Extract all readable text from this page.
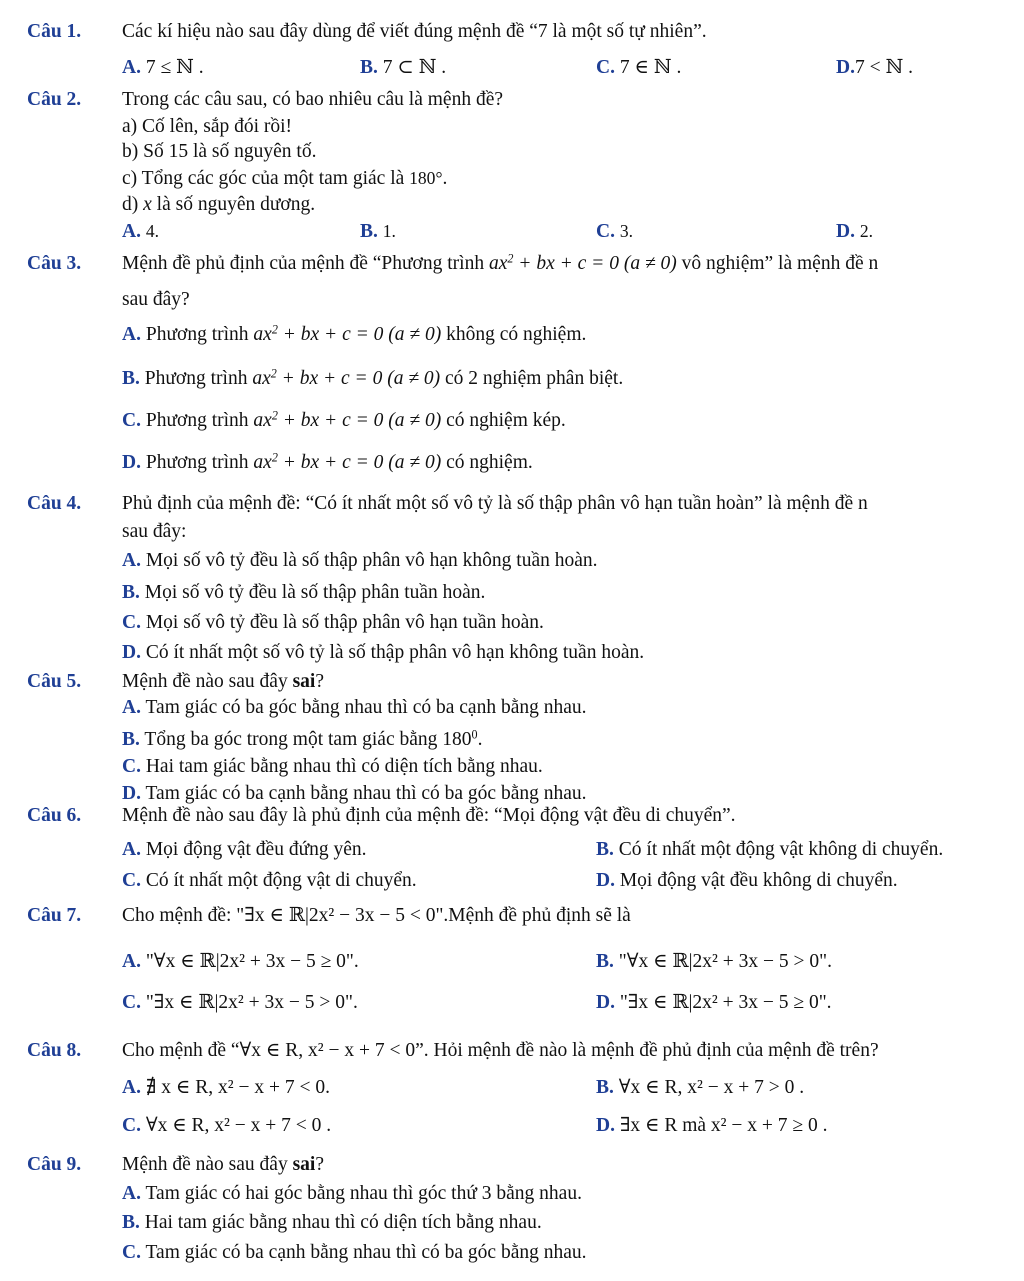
Câu 1. Các kí hiệu nào sau đây dùng để viết đúng mệnh đề “7 là một số tự nhiên”.
A. 7 ≤ ℕ .	B. 7 ⊂ ℕ .	C. 7 ∈ ℕ .	D.7 < ℕ .
Câu 2. Trong các câu sau, có bao nhiêu câu là mệnh đề?
a) Cố lên, sắp đói rồi!
b) Số 15 là số nguyên tố.
c) Tổng các góc của một tam giác là 180°.
d) x là số nguyên dương.
A. 4.	B. 1.	C. 3.	D. 2.
Câu 3. Mệnh đề phủ định của mệnh đề “Phương trình $ax^2$ + bx + c = 0 (a ≠ 0) vô nghiệm” là mệnh đề n
sau đây?
A. Phương trình $ax^2$ + bx + c = 0 (a ≠ 0) không có nghiệm.
B. Phương trình $ax^2$ + bx + c = 0 (a ≠ 0) có 2 nghiệm phân biệt.
C. Phương trình $ax^2$ + bx + c = 0 (a ≠ 0) có nghiệm kép.
D. Phương trình $ax^2$ + bx + c = 0 (a ≠ 0) có nghiệm.
Câu 4. Phủ định của mệnh đề: “Có ít nhất một số vô tỷ là số thập phân vô hạn tuần hoàn” là mệnh đề n
sau đây:
A. Mọi số vô tỷ đều là số thập phân vô hạn không tuần hoàn.
B. Mọi số vô tỷ đều là số thập phân tuần hoàn.
C. Mọi số vô tỷ đều là số thập phân vô hạn tuần hoàn.
D. Có ít nhất một số vô tỷ là số thập phân vô hạn không tuần hoàn.
Câu 5. Mệnh đề nào sau đây sai?
A. Tam giác có ba góc bằng nhau thì có ba cạnh bằng nhau.
B. Tổng ba góc trong một tam giác bằng $180^0$.
C. Hai tam giác bằng nhau thì có diện tích bằng nhau.
D. Tam giác có ba cạnh bằng nhau thì có ba góc bằng nhau.
Câu 6. Mệnh đề nào sau đây là phủ định của mệnh đề: “Mọi động vật đều di chuyển”.
A. Mọi động vật đều đứng yên.	B. Có ít nhất một động vật không di chuyển.
C. Có ít nhất một động vật di chuyển.	D. Mọi động vật đều không di chuyển.
Câu 7. Cho mệnh đề: "∃x ∈ ℝ|2x² − 3x − 5 < 0".Mệnh đề phủ định sẽ là
A. "∀x ∈ ℝ|2x² + 3x − 5 ≥ 0".	B. "∀x ∈ ℝ|2x² + 3x − 5 > 0".
C. "∃x ∈ ℝ|2x² + 3x − 5 > 0".	D. "∃x ∈ ℝ|2x² + 3x − 5 ≥ 0".
Câu 8. Cho mệnh đề “∀x ∈ R, x² − x + 7 < 0”. Hỏi mệnh đề nào là mệnh đề phủ định của mệnh đề trên?
A. ∄ x ∈ R, x² − x + 7 < 0.	B. ∀x ∈ R, x² − x + 7 > 0 .
C. ∀x ∈ R, x² − x + 7 < 0 .	D. ∃x ∈ R mà x² − x + 7 ≥ 0 .
Câu 9. Mệnh đề nào sau đây sai?
A. Tam giác có hai góc bằng nhau thì góc thứ 3 bằng nhau.
B. Hai tam giác bằng nhau thì có diện tích bằng nhau.
C. Tam giác có ba cạnh bằng nhau thì có ba góc bằng nhau.
